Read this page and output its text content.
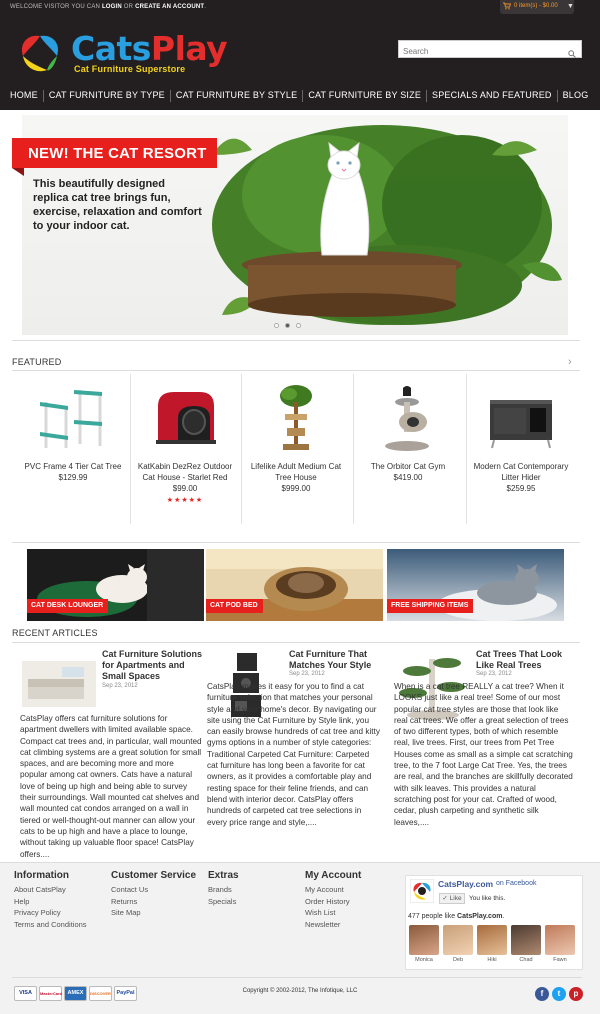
WELCOME VISITOR YOU CAN LOGIN OR CREATE AN ACCOUNT.	0 item(s) - $0.00 ▼
CatsPlay
Cat Furniture Superstore
Search
HOME	CAT FURNITURE BY TYPE	CAT FURNITURE BY STYLE	CAT FURNITURE BY SIZE	SPECIALS AND FEATURED	BLOG
NEW! THE CAT RESORT
This beautifully designed replica cat tree brings fun, exercise, relaxation and comfort to your indoor cat.
FEATURED	›
PVC Frame 4 Tier Cat Tree
$129.99
KatKabin DezRez Outdoor Cat House - Starlet Red
$99.00
★★★★★
Lifelike Adult Medium Cat Tree House
$999.00
The Orbitor Cat Gym
$419.00
Modern Cat Contemporary Litter Hider
$259.95
CAT DESK LOUNGER	CAT POD BED	FREE SHIPPING ITEMS
RECENT ARTICLES
Cat Furniture Solutions for Apartments and Small Spaces
Sep 23, 2012
CatsPlay offers cat furniture solutions for apartment dwellers with limited available space. Compact cat trees and, in particular, wall mounted cat climbing systems are a great solution for small spaces, and are becoming more and more popular among cat owners. Cats have a natural love of being up high and being able to survey their surroundings. Wall mounted cat shelves and wall mounted cat condos arranged on a wall in tiered or well-thought-out manner can allow your cats to be up high and have a place to lounge, without taking up valuable floor space! CatsPlay offers....
Cat Furniture That Matches Your Style
Sep 23, 2012
CatsPlay makes it easy for you to find a cat furniture selection that matches your personal style and your home's decor. By navigating our site using the Cat Furniture by Style link, you can easily browse hundreds of cat tree and kitty gyms options in a number of style categories: Traditional Carpeted Cat Furniture: Carpeted cat furniture has long been a favorite for cat owners, as it provides a comfortable play and resting space for their feline friends, and can blend with interior decor. CatsPlay offers hundreds of carpeted cat tree selections in every price range and style,....
Cat Trees That Look Like Real Trees
Sep 23, 2012
When is a cat tree REALLY a cat tree? When it LOOKS just like a real tree! Some of our most popular cat tree styles are those that look like real cat trees. We offer a great selection of trees of two different types, both of which resemble real, live trees. First, our trees from Pet Tree Houses come as small as a simple cat scratching tree, to the 7 foot Large Cat Tree. Yes, the trees are real, and the branches are skillfully decorated with silk leaves. This provides a natural scratching post for your cat. Crafted of wood, cedar, plush carpeting and synthetic silk leaves,....
Information
About CatsPlay
Help
Privacy Policy
Terms and Conditions
Customer Service
Contact Us
Returns
Site Map
Extras
Brands
Specials
My Account
My Account
Order History
Wish List
Newsletter
CatsPlay.com on Facebook
✓ Like	You like this.
477 people like CatsPlay.com.
Monica	Deb	Hiki	Chad	Fawn
Copyright © 2002-2012, The Infotique, LLC
VISA	MasterCard	AMEX	DISCOVER	PayPal	f	t	p
